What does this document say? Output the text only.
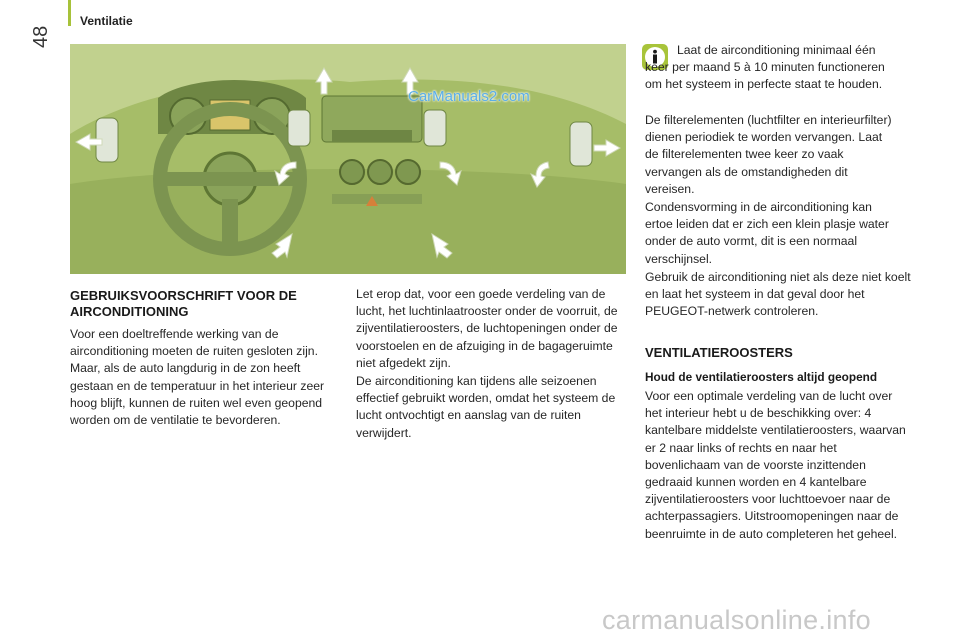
Ventilatie
48
CarManuals2.com
GEBRUIKSVOORSCHRIFT VOOR DE AIRCONDITIONING

Voor een doeltreffende werking van de airconditioning moeten de ruiten gesloten zijn. Maar, als de auto langdurig in de zon heeft gestaan en de temperatuur in het interieur zeer hoog blijft, kunnen de ruiten wel even geopend worden om de ventilatie te bevorderen.

Let erop dat, voor een goede verdeling van de lucht, het luchtinlaatrooster onder de voorruit, de zijventilatieroosters, de luchtopeningen onder de voorstoelen en de afzuiging in de bagageruimte niet afgedekt zijn.

De airconditioning kan tijdens alle seizoenen effectief gebruikt worden, omdat het systeem de lucht ontvochtigt en aanslag van de ruiten verwijdert.

Laat de airconditioning minimaal één keer per maand 5 à 10 minuten functioneren om het systeem in perfecte staat te houden.

De filterelementen (luchtfilter en interieurfilter) dienen periodiek te worden vervangen. Laat de filterelementen twee keer zo vaak vervangen als de omstandigheden dit vereisen.

Condensvorming in de airconditioning kan ertoe leiden dat er zich een klein plasje water onder de auto vormt, dit is een normaal verschijnsel.

Gebruik de airconditioning niet als deze niet koelt en laat het systeem in dat geval door het PEUGEOT-netwerk controleren.

VENTILATIEROOSTERS
Houd de ventilatieroosters altijd geopend

Voor een optimale verdeling van de lucht over het interieur hebt u de beschikking over: 4 kantelbare middelste ventilatieroosters, waarvan er 2 naar links of rechts en naar het bovenlichaam van de voorste inzittenden gedraaid kunnen worden en 4 kantelbare zijventilatieroosters voor luchttoevoer naar de achterpassagiers. Uitstroomopeningen naar de beenruimte in de auto completeren het geheel.

carmanualsonline.info
